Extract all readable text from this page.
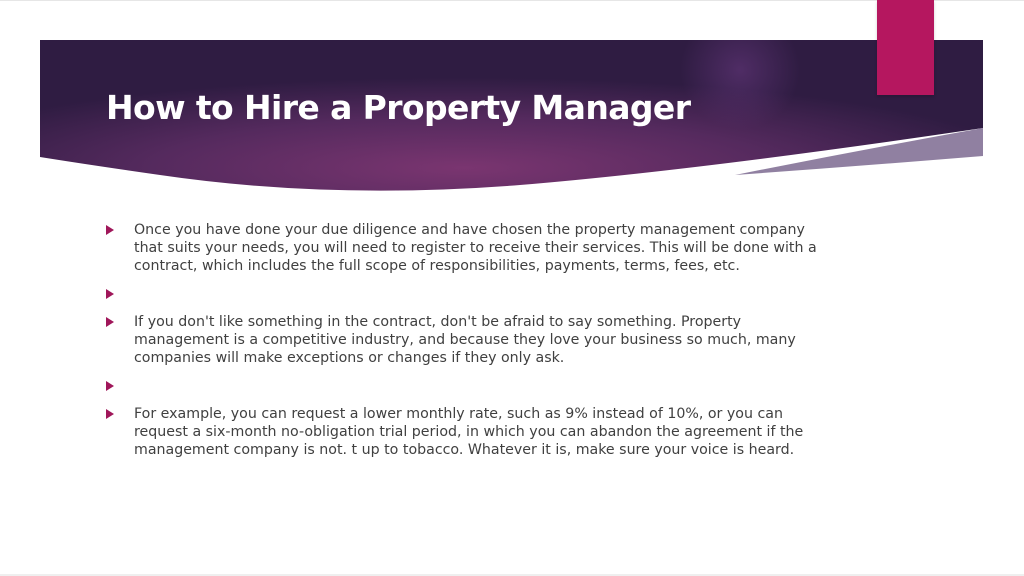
How to Hire a Property Manager
Once you have done your due diligence and have chosen the property management company that suits your needs, you will need to register to receive their services. This will be done with a contract, which includes the full scope of responsibilities, payments, terms, fees, etc.
If you don't like something in the contract, don't be afraid to say something. Property management is a competitive industry, and because they love your business so much, many companies will make exceptions or changes if they only ask.
For example, you can request a lower monthly rate, such as 9% instead of 10%, or you can request a six-month no-obligation trial period, in which you can abandon the agreement if the management company is not. t up to tobacco. Whatever it is, make sure your voice is heard.
